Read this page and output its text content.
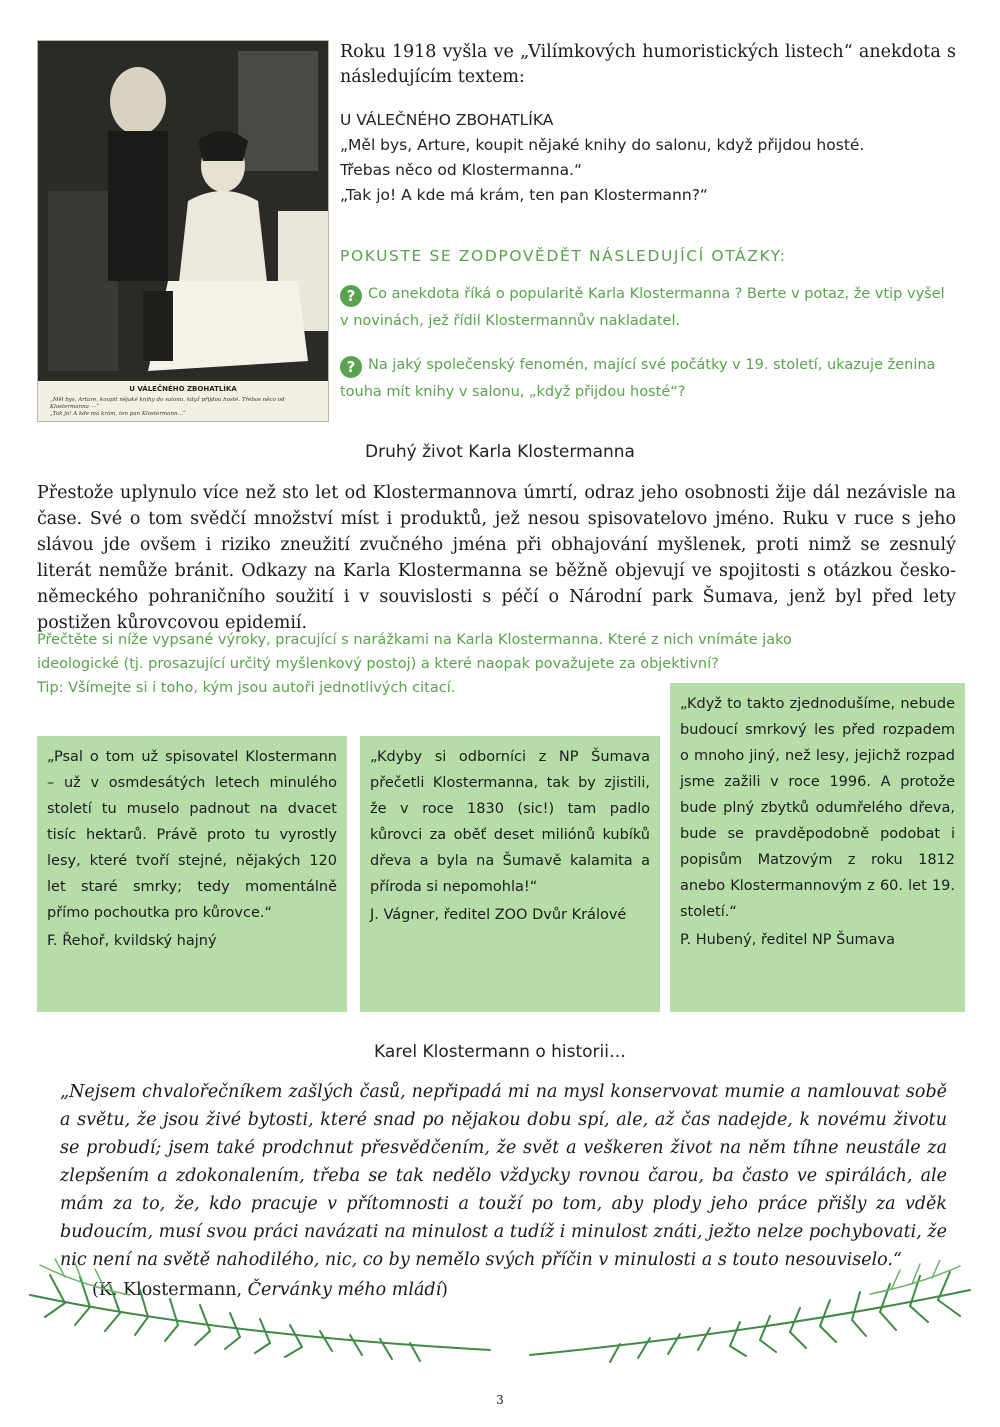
U VÁLEČNÉHO ZBOHATLÍKA
„Měl bys, Arture, koupit nějaké knihy do salonu, když přijdou hosté. Třebas něco od Klostermanna —“
„Tak jo! A kde má krám, ten pan Klostermann…“
Roku 1918 vyšla ve „Vilímkových humoristických listech“ anekdota s následujícím textem:
U VÁLEČNÉHO ZBOHATLÍKA
„Měl bys, Arture, koupit nějaké knihy do salonu, když přijdou hosté.
Třebas něco od Klostermanna.“
„Tak jo! A kde má krám, ten pan Klostermann?“
POKUSTE SE ZODPOVĚDĚT NÁSLEDUJÍCÍ OTÁZKY:
? Co anekdota říká o popularitě Karla Klostermanna ? Berte v potaz, že vtip vyšel v novinách, jež řídil Klostermannův nakladatel.
? Na jaký společenský fenomén, mající své počátky v 19. století, ukazuje ženina touha mít knihy v salonu, „když přijdou hosté“?
Druhý život Karla Klostermanna
Přestože uplynulo více než sto let od Klostermannova úmrtí, odraz jeho osobnosti žije dál nezávisle na čase. Své o tom svědčí množství míst i produktů, jež nesou spisovatelovo jméno. Ruku v ruce s jeho slávou jde ovšem i riziko zneužití zvučného jména při obhajování myšlenek, proti nimž se zesnulý literát nemůže bránit. Odkazy na Karla Klostermanna se běžně objevují ve spojitosti s otázkou česko-německého pohraničního soužití i v souvislosti s péčí o Národní park Šumava, jenž byl před lety postižen kůrovcovou epidemií.
Přečtěte si níže vypsané výroky, pracující s narážkami na Karla Klostermanna. Které z nich vnímáte jako
ideologické (tj. prosazující určitý myšlenkový postoj) a které naopak považujete za objektivní?
Tip: Všímejte si i toho, kým jsou autoři jednotlivých citací.
„Psal o tom už spisovatel Klostermann – už v osmdesátých letech minulého století tu muselo padnout na dvacet tisíc hektarů. Právě proto tu vyrostly lesy, které tvoří stejné, nějakých 120 let staré smrky; tedy momentálně přímo pochoutka pro kůrovce.“
F. Řehoř, kvildský hajný
„Kdyby si odborníci z NP Šumava přečetli Klostermanna, tak by zjistili, že v roce 1830 (sic!) tam padlo kůrovci za oběť deset miliónů kubíků dřeva a byla na Šumavě kalamita a příroda si nepomohla!“
J. Vágner, ředitel ZOO Dvůr Králové
„Když to takto zjednodušíme, nebude budoucí smrkový les před rozpadem o mnoho jiný, než lesy, jejichž rozpad jsme zažili v roce 1996. A protože bude plný zbytků odumřelého dřeva, bude se pravděpodobně podobat i popisům Matzovým z roku 1812 anebo Klostermannovým z 60. let 19. století.“
P. Hubený, ředitel NP Šumava
Karel Klostermann o historii…
„Nejsem chvalořečníkem zašlých časů, nepřipadá mi na mysl konservovat mumie a namlouvat sobě a světu, že jsou živé bytosti, které snad po nějakou dobu spí, ale, až čas nadejde, k novému životu se probudí; jsem také prodchnut přesvědčením, že svět a veškeren život na něm tíhne neustále za zlepšením a zdokonalením, třeba se tak nedělo vždycky rovnou čarou, ba často ve spirálách, ale mám za to, že, kdo pracuje v přítomnosti a touží po tom, aby plody jeho práce přišly za vděk budoucím, musí svou práci navázati na minulost a tudíž i minulost znáti, ježto nelze pochybovati, že nic není na světě nahodilého, nic, co by nemělo svých příčin v minulosti a s touto nesouviselo.“
(K. Klostermann, Červánky mého mládí)
3
